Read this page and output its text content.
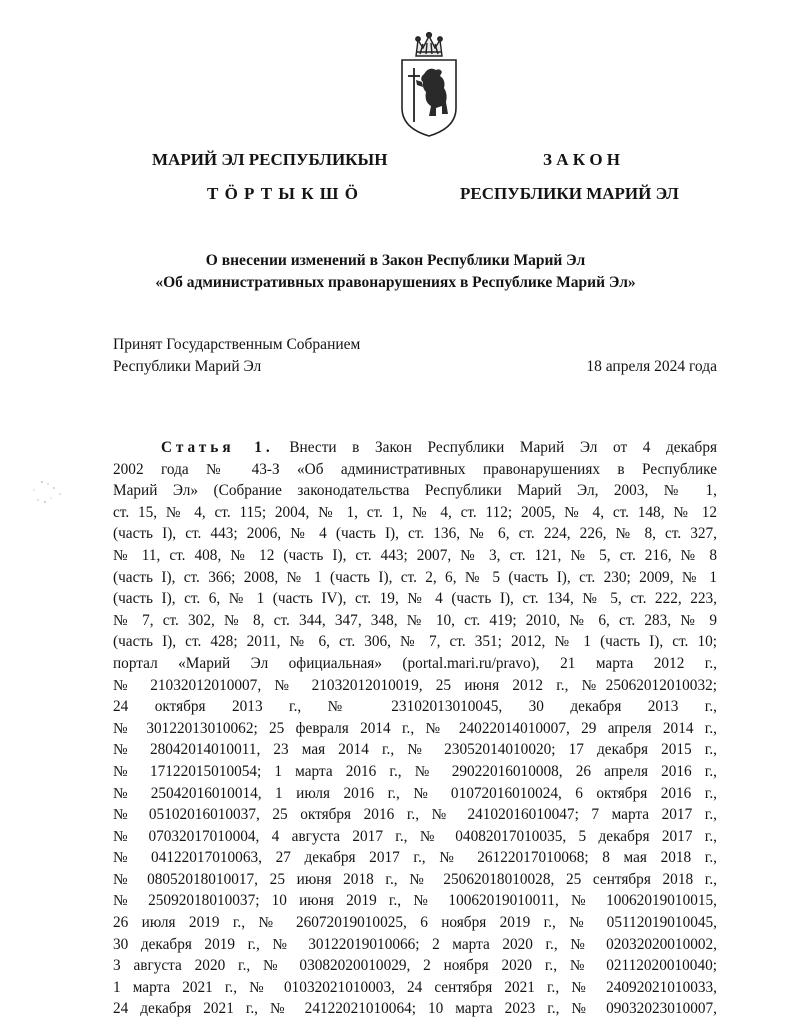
МАРИЙ ЭЛ РЕСПУБЛИКЫН
Т Ö Р Т Ы К Ш Ö
З А К О Н
РЕСПУБЛИКИ МАРИЙ ЭЛ
О внесении изменений в Закон Республики Марий Эл
«Об административных правонарушениях в Республике Марий Эл»
Принят Государственным Собранием
Республики Марий Эл	18 апреля 2024 года
Статья 1. Внести в Закон Республики Марий Эл от 4 декабря
2002 года № 43-З «Об административных правонарушениях в Республике
Марий Эл» (Собрание законодательства Республики Марий Эл, 2003, № 1,
ст. 15, № 4, ст. 115; 2004, № 1, ст. 1, № 4, ст. 112; 2005, № 4, ст. 148, № 12
(часть I), ст. 443; 2006, № 4 (часть I), ст. 136, № 6, ст. 224, 226, № 8, ст. 327,
№ 11, ст. 408, № 12 (часть I), ст. 443; 2007, № 3, ст. 121, № 5, ст. 216, № 8
(часть I), ст. 366; 2008, № 1 (часть I), ст. 2, 6, № 5 (часть I), ст. 230; 2009, № 1
(часть I), ст. 6, № 1 (часть IV), ст. 19, № 4 (часть I), ст. 134, № 5, ст. 222, 223,
№ 7, ст. 302, № 8, ст. 344, 347, 348, № 10, ст. 419; 2010, № 6, ст. 283, № 9
(часть I), ст. 428; 2011, № 6, ст. 306, № 7, ст. 351; 2012, № 1 (часть I), ст. 10;
портал «Марий Эл официальная» (portal.mari.ru/pravo), 21 марта 2012 г.,
№ 21032012010007, № 21032012010019, 25 июня 2012 г., №25062012010032;
24 октября 2013 г., № 23102013010045, 30 декабря 2013 г.,
№ 30122013010062; 25 февраля 2014 г., № 24022014010007, 29 апреля 2014 г.,
№ 28042014010011, 23 мая 2014 г., № 23052014010020; 17 декабря 2015 г.,
№ 17122015010054; 1 марта 2016 г., № 29022016010008, 26 апреля 2016 г.,
№ 25042016010014, 1 июля 2016 г., № 01072016010024, 6 октября 2016 г.,
№ 05102016010037, 25 октября 2016 г., № 24102016010047; 7 марта 2017 г.,
№ 07032017010004, 4 августа 2017 г., № 04082017010035, 5 декабря 2017 г.,
№ 04122017010063, 27 декабря 2017 г., № 26122017010068; 8 мая 2018 г.,
№ 08052018010017, 25 июня 2018 г., № 25062018010028, 25 сентября 2018 г.,
№ 25092018010037; 10 июня 2019 г., № 10062019010011, № 10062019010015,
26 июля 2019 г., № 26072019010025, 6 ноября 2019 г., № 05112019010045,
30 декабря 2019 г., № 30122019010066; 2 марта 2020 г., № 02032020010002,
3 августа 2020 г., № 03082020010029, 2 ноября 2020 г., № 02112020010040;
1 марта 2021 г., № 01032021010003, 24 сентября 2021 г., № 24092021010033,
24 декабря 2021 г., № 24122021010064; 10 марта 2023 г., № 09032023010007,
